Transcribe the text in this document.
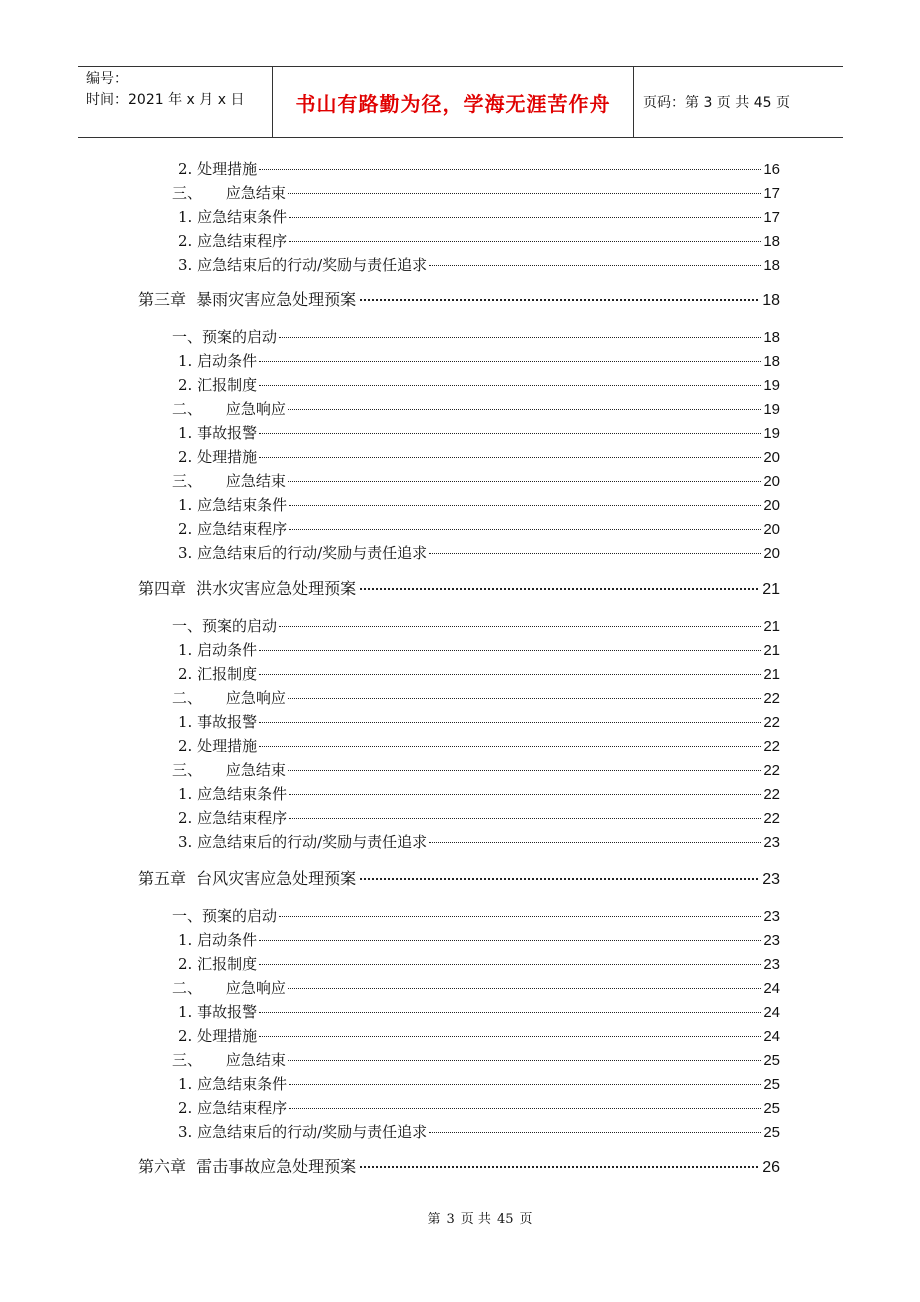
编号：
时间：2021 年 x 月 x 日	书山有路勤为径，学海无涯苦作舟	页码：第 3 页 共 45 页
2. 处理措施	16
三、     应急结束	17
1. 应急结束条件	17
2. 应急结束程序	18
3. 应急结束后的行动/奖励与责任追求	18
第三章  暴雨灾害应急处理预案	18
一、预案的启动	18
1. 启动条件	18
2. 汇报制度	19
二、     应急响应	19
1. 事故报警	19
2. 处理措施	20
三、     应急结束	20
1. 应急结束条件	20
2. 应急结束程序	20
3. 应急结束后的行动/奖励与责任追求	20
第四章  洪水灾害应急处理预案	21
一、预案的启动	21
1. 启动条件	21
2. 汇报制度	21
二、     应急响应	22
1. 事故报警	22
2. 处理措施	22
三、     应急结束	22
1. 应急结束条件	22
2. 应急结束程序	22
3. 应急结束后的行动/奖励与责任追求	23
第五章  台风灾害应急处理预案	23
一、预案的启动	23
1. 启动条件	23
2. 汇报制度	23
二、     应急响应	24
1. 事故报警	24
2. 处理措施	24
三、     应急结束	25
1. 应急结束条件	25
2. 应急结束程序	25
3. 应急结束后的行动/奖励与责任追求	25
第六章  雷击事故应急处理预案	26
第 3 页 共 45 页
